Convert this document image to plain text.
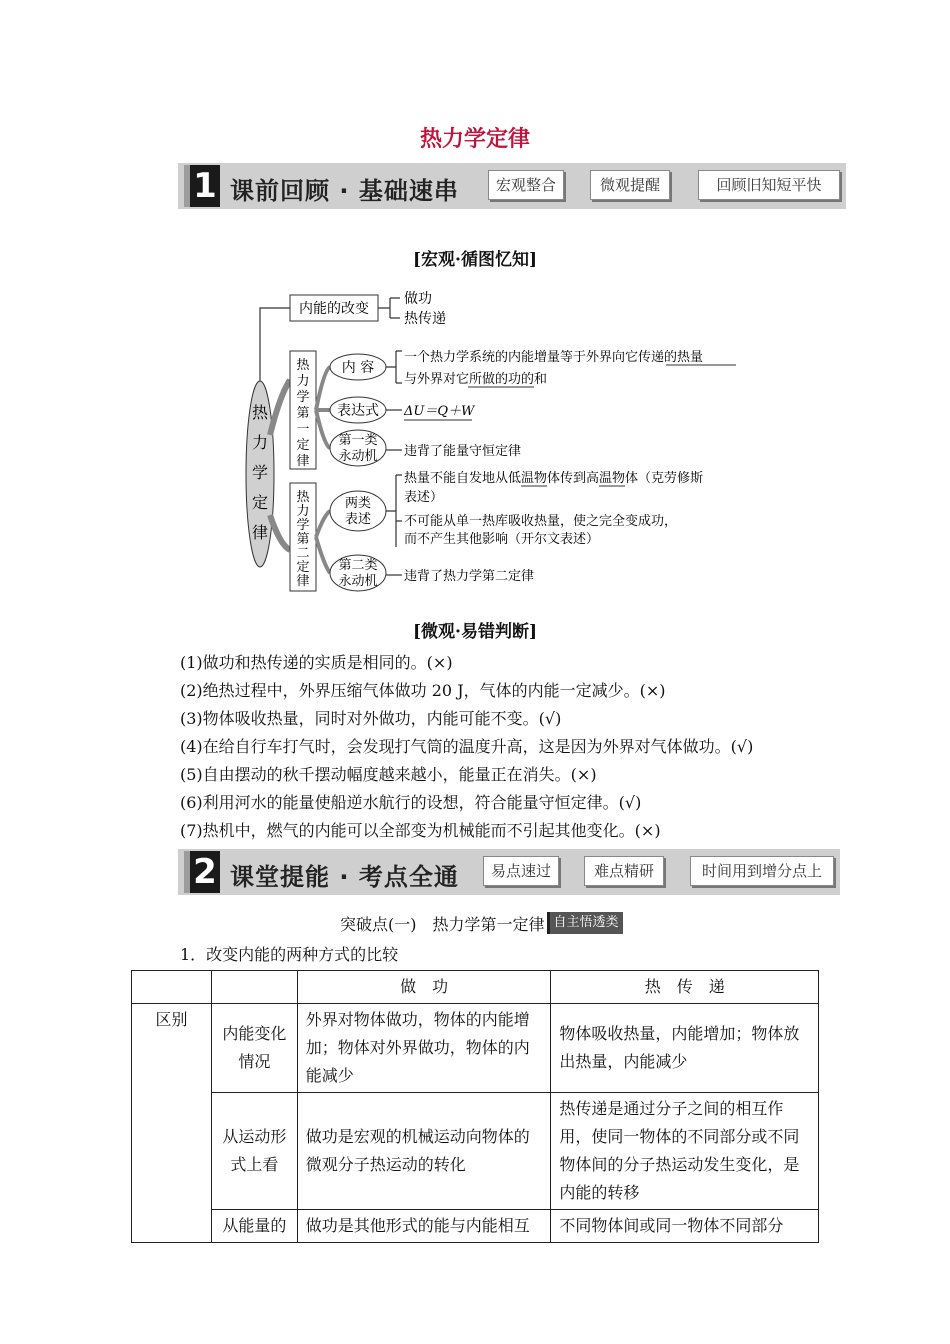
热力学定律
1 课前回顾 · 基础速串	宏观整合	微观提醒	回顾旧知短平快
[宏观·循图忆知]
热
力
学
定
律
内能的改变
做功
热传递
热
力
学
第
一
定
律
内 容
一个热力学系统的内能增量等于外界向它传递的热量
与外界对它所做的功的和
表达式 ΔU＝Q＋W
第一类
永动机 违背了能量守恒定律
热
力
学
第
二
定
律
两类
表述
热量不能自发地从低温物体传到高温物体（克劳修斯
表述）
不可能从单一热库吸收热量，使之完全变成功，
而不产生其他影响（开尔文表述）
第二类
永动机 违背了热力学第二定律
[微观·易错判断]
(1)做功和热传递的实质是相同的。(×)
(2)绝热过程中，外界压缩气体做功 20 J，气体的内能一定减少。(×)
(3)物体吸收热量，同时对外做功，内能可能不变。(√)
(4)在给自行车打气时，会发现打气筒的温度升高，这是因为外界对气体做功。(√)
(5)自由摆动的秋千摆动幅度越来越小，能量正在消失。(×)
(6)利用河水的能量使船逆水航行的设想，符合能量守恒定律。(√)
(7)热机中，燃气的内能可以全部变为机械能而不引起其他变化。(×)
2 课堂提能 · 考点全通	易点速过	难点精研	时间用到增分点上
突破点(一)　热力学第一定律 自主悟透类
1．改变内能的两种方式的比较
		做　功	热　传　递
区别	内能变化情况	外界对物体做功，物体的内能增加；物体对外界做功，物体的内能减少	物体吸收热量，内能增加；物体放出热量，内能减少
	从运动形式上看	做功是宏观的机械运动向物体的微观分子热运动的转化	热传递是通过分子之间的相互作用，使同一物体的不同部分或不同物体间的分子热运动发生变化，是内能的转移
	从能量的	做功是其他形式的能与内能相互	不同物体间或同一物体不同部分
